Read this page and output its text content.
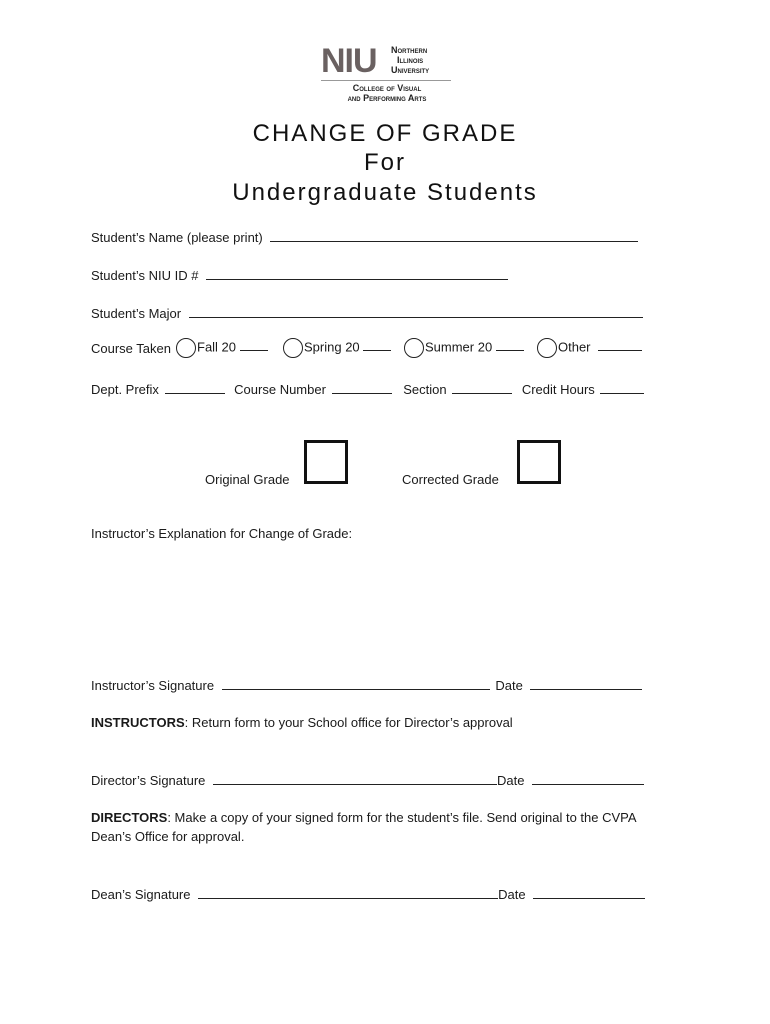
NIU Northern
Illinois
University
College of Visual
and Performing Arts
CHANGE OF GRADE
For
Undergraduate Students
Student’s Name (please print)
Student’s NIU ID #
Student’s Major
Course Taken	Fall 20	Spring 20	Summer 20	Other
Dept. Prefix	Course Number	Section	Credit Hours
Original Grade	Corrected Grade
Instructor’s Explanation for Change of Grade:
Instructor’s Signature	Date
INSTRUCTORS: Return form to your School office for Director’s approval
Director’s Signature	Date
DIRECTORS: Make a copy of your signed form for the student’s file. Send original to the CVPA
Dean’s Office for approval.
Dean’s Signature	Date
